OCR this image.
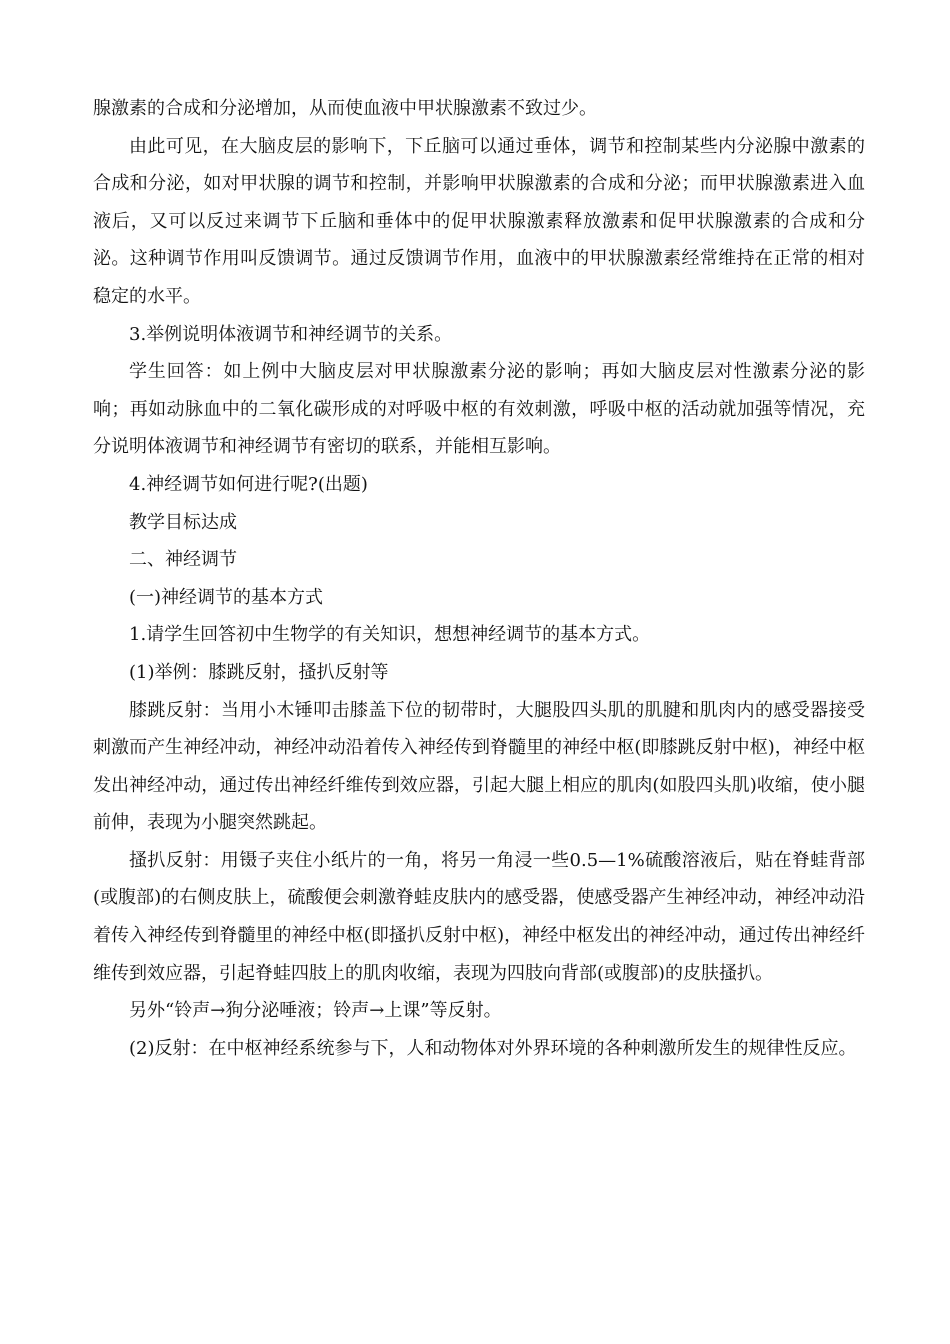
腺激素的合成和分泌增加，从而使血液中甲状腺激素不致过少。

由此可见，在大脑皮层的影响下，下丘脑可以通过垂体，调节和控制某些内分泌腺中激素的合成和分泌，如对甲状腺的调节和控制，并影响甲状腺激素的合成和分泌；而甲状腺激素进入血液后，又可以反过来调节下丘脑和垂体中的促甲状腺激素释放激素和促甲状腺激素的合成和分泌。这种调节作用叫反馈调节。通过反馈调节作用，血液中的甲状腺激素经常维持在正常的相对稳定的水平。

3.举例说明体液调节和神经调节的关系。

学生回答：如上例中大脑皮层对甲状腺激素分泌的影响；再如大脑皮层对性激素分泌的影响；再如动脉血中的二氧化碳形成的对呼吸中枢的有效刺激，呼吸中枢的活动就加强等情况，充分说明体液调节和神经调节有密切的联系，并能相互影响。

4.神经调节如何进行呢?(出题)

教学目标达成

二、神经调节

(一)神经调节的基本方式

1.请学生回答初中生物学的有关知识，想想神经调节的基本方式。

(1)举例：膝跳反射，搔扒反射等

膝跳反射：当用小木锤叩击膝盖下位的韧带时，大腿股四头肌的肌腱和肌肉内的感受器接受刺激而产生神经冲动，神经冲动沿着传入神经传到脊髓里的神经中枢(即膝跳反射中枢)，神经中枢发出神经冲动，通过传出神经纤维传到效应器，引起大腿上相应的肌肉(如股四头肌)收缩，使小腿前伸，表现为小腿突然跳起。

搔扒反射：用镊子夹住小纸片的一角，将另一角浸一些0.5—1%硫酸溶液后，贴在脊蛙背部(或腹部)的右侧皮肤上，硫酸便会刺激脊蛙皮肤内的感受器，使感受器产生神经冲动，神经冲动沿着传入神经传到脊髓里的神经中枢(即搔扒反射中枢)，神经中枢发出的神经冲动，通过传出神经纤维传到效应器，引起脊蛙四肢上的肌肉收缩，表现为四肢向背部(或腹部)的皮肤搔扒。

另外“铃声→狗分泌唾液；铃声→上课”等反射。

(2)反射：在中枢神经系统参与下，人和动物体对外界环境的各种刺激所发生的规律性反应。
